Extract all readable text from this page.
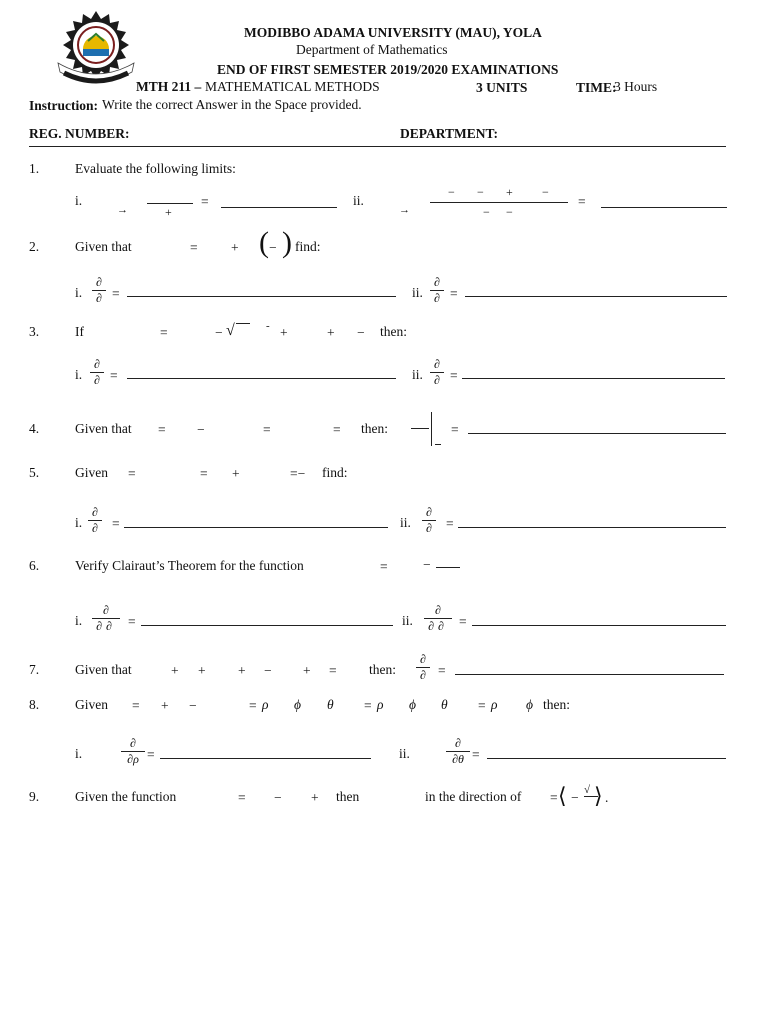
MODIBBO ADAMA UNIVERSITY (MAU), YOLA
Department of Mathematics
END OF FIRST SEMESTER 2019/2020 EXAMINATIONS
MTH 211 – MATHEMATICAL METHODS	3 UNITS	TIME:
3 Hours
Instruction: Write the correct Answer in the Space provided.
REG. NUMBER:	DEPARTMENT:
1.	Evaluate the following limits:
i.
→	+
=	ii.
→
− − + −
− −
=
2.	Given that	= + ( − ) find:
i.
∂
∂ =	ii.
∂
∂ =
3.	If	=	− √	- +	+ − then:
i.
∂
∂ =	ii.
∂
∂ =
4.	Given that = −	=	= then:	=
5.	Given =	= +	=− find:
i.
∂
∂ =	ii.
∂
∂ =
6.	Verify Clairaut’s Theorem for the function	=	−
i.
∂
∂∂ =	ii.
∂
∂∂ =
7.	Given that	+ + + − + = then:
∂
∂ =
8.	Given = + −	= ρ ϕ θ = ρ ϕ θ = ρ ϕ then:
i.
∂
∂ρ =	ii.
∂
∂θ =
9.	Given the function	= − + then	in the direction of = ⟨ − √ ⟩ .
